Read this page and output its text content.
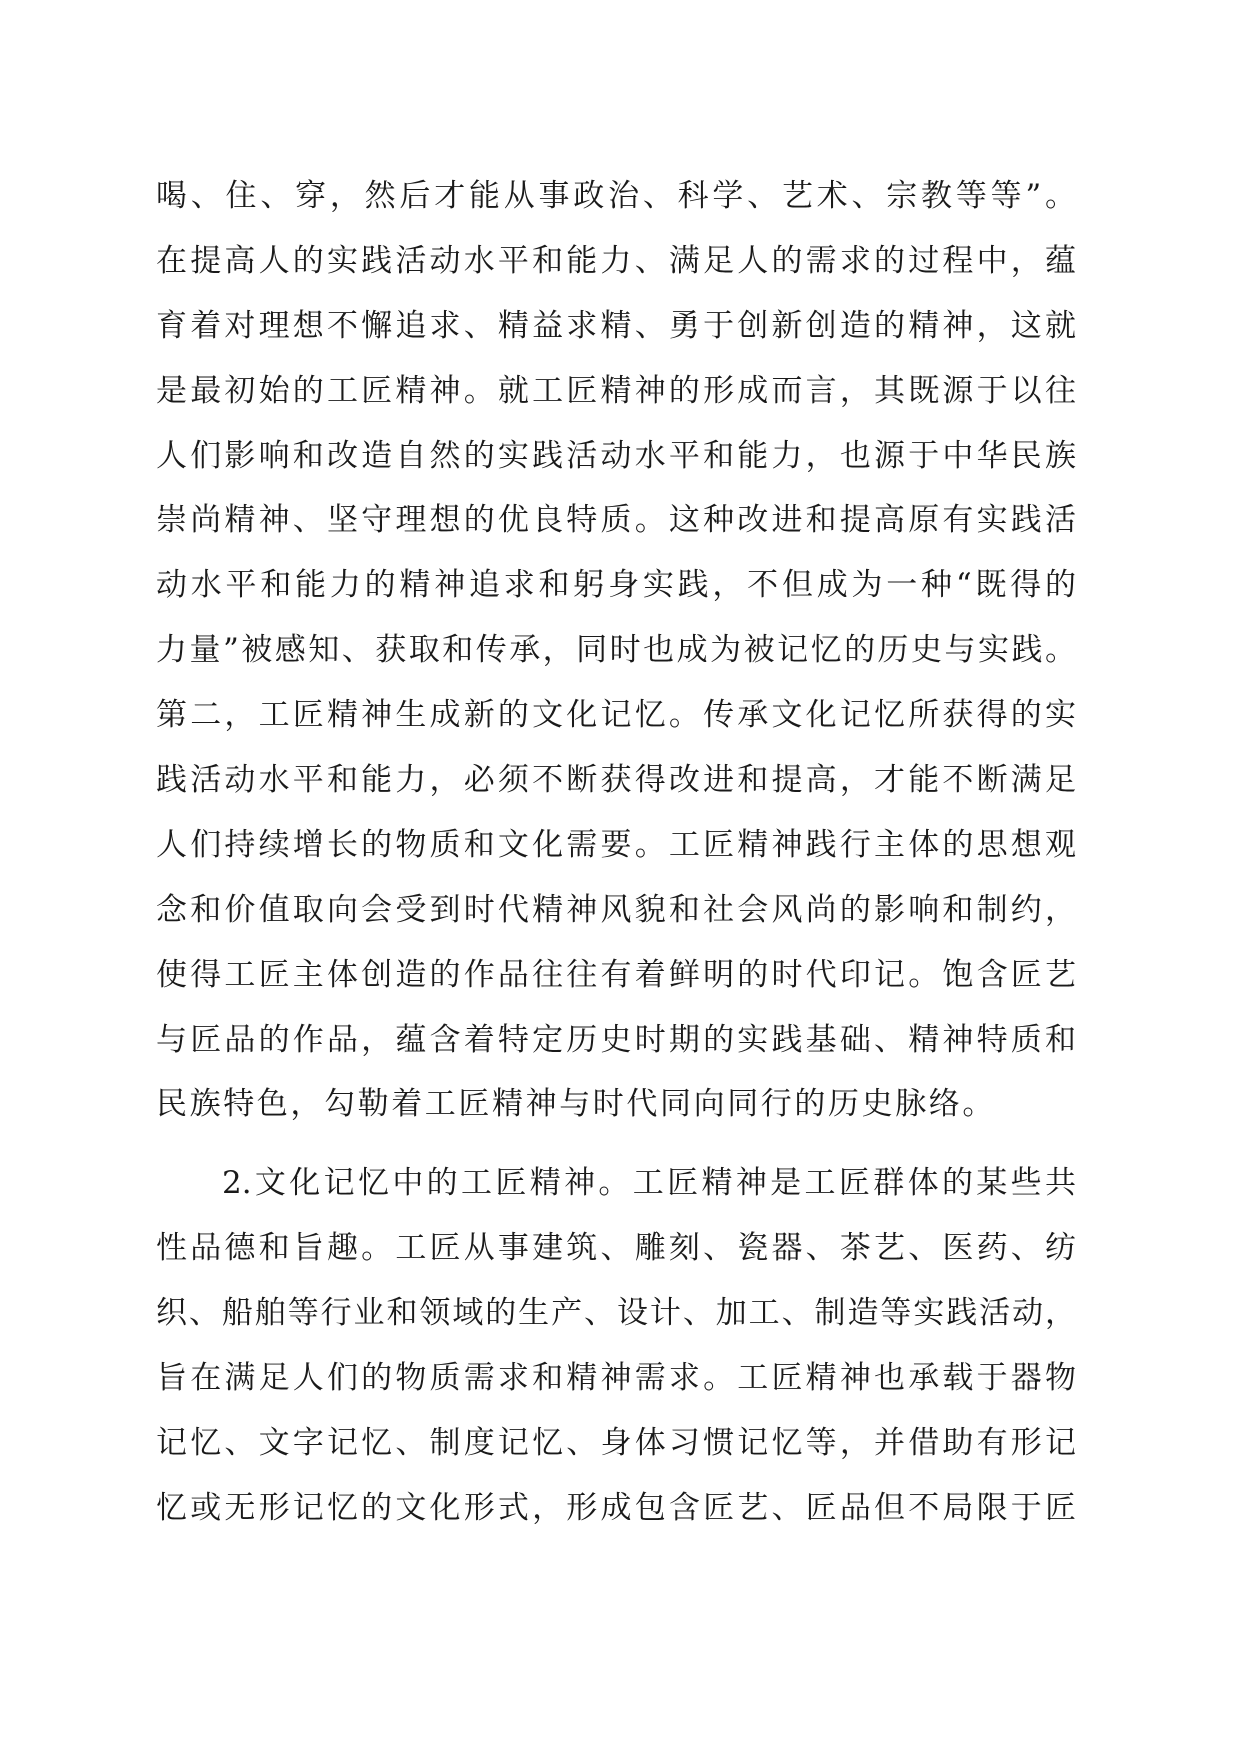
喝、住、穿，然后才能从事政治、科学、艺术、宗教等等”。
在提高人的实践活动水平和能力、满足人的需求的过程中，蕴
育着对理想不懈追求、精益求精、勇于创新创造的精神，这就
是最初始的工匠精神。就工匠精神的形成而言，其既源于以往
人们影响和改造自然的实践活动水平和能力，也源于中华民族
崇尚精神、坚守理想的优良特质。这种改进和提高原有实践活
动水平和能力的精神追求和躬身实践，不但成为一种“既得的
力量”被感知、获取和传承，同时也成为被记忆的历史与实践。
第二，工匠精神生成新的文化记忆。传承文化记忆所获得的实
践活动水平和能力，必须不断获得改进和提高，才能不断满足
人们持续增长的物质和文化需要。工匠精神践行主体的思想观
念和价值取向会受到时代精神风貌和社会风尚的影响和制约，
使得工匠主体创造的作品往往有着鲜明的时代印记。饱含匠艺
与匠品的作品，蕴含着特定历史时期的实践基础、精神特质和
民族特色，勾勒着工匠精神与时代同向同行的历史脉络。
2.文化记忆中的工匠精神。工匠精神是工匠群体的某些共
性品德和旨趣。工匠从事建筑、雕刻、瓷器、茶艺、医药、纺
织、船舶等行业和领域的生产、设计、加工、制造等实践活动，
旨在满足人们的物质需求和精神需求。工匠精神也承载于器物
记忆、文字记忆、制度记忆、身体习惯记忆等，并借助有形记
忆或无形记忆的文化形式，形成包含匠艺、匠品但不局限于匠
